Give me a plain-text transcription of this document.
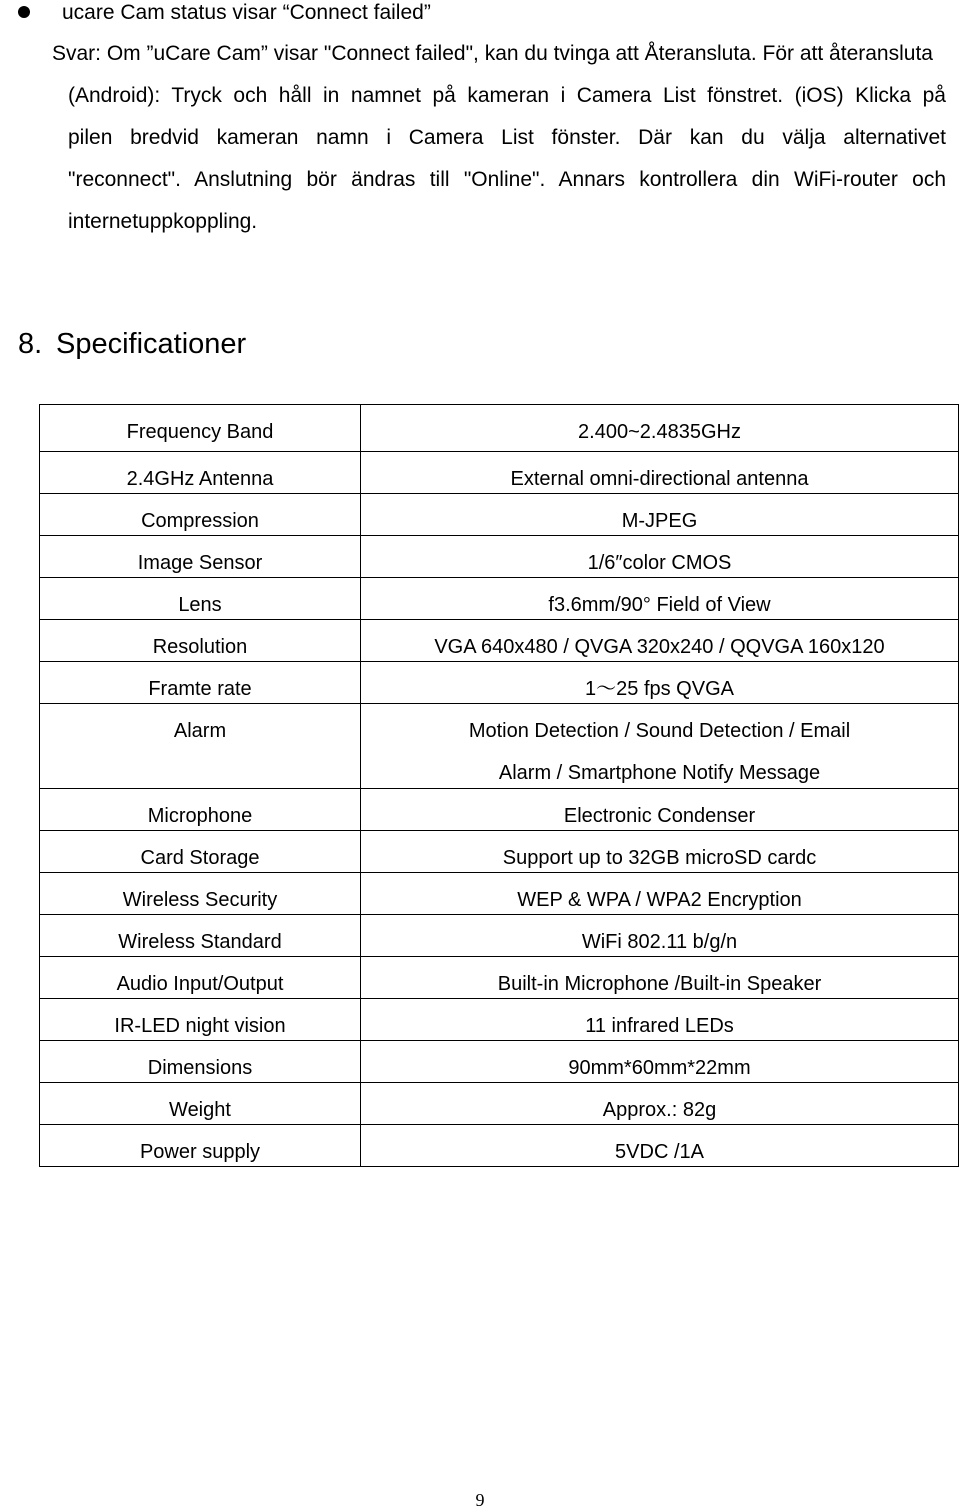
ucare Cam status visar “Connect failed”
Svar: Om ”uCare Cam” visar "Connect failed", kan du tvinga att Återansluta. För att återansluta
(Android): Tryck och håll in namnet på kameran i Camera List fönstret. (iOS) Klicka på
pilen bredvid kameran namn i Camera List fönster. Där kan du välja alternativet
"reconnect". Anslutning bör ändras till "Online". Annars kontrollera din WiFi-router och
internetuppkoppling.
8. Specificationer
Frequency Band	2.400~2.4835GHz
2.4GHz Antenna	External omni-directional antenna
Compression	M-JPEG
Image Sensor	1/6″color CMOS
Lens	f3.6mm/90° Field of View
Resolution	VGA 640x480 / QVGA 320x240 / QQVGA 160x120
Framte rate	1～25 fps QVGA
Alarm	Motion Detection / Sound Detection / Email
Alarm / Smartphone Notify Message

Microphone	Electronic Condenser
Card Storage	Support up to 32GB microSD cardc
Wireless Security	WEP & WPA / WPA2 Encryption
Wireless Standard	WiFi 802.11 b/g/n
Audio Input/Output	Built-in Microphone /Built-in Speaker
IR-LED night vision	11 infrared LEDs
Dimensions	90mm*60mm*22mm
Weight	Approx.: 82g
Power supply	5VDC /1A
9
